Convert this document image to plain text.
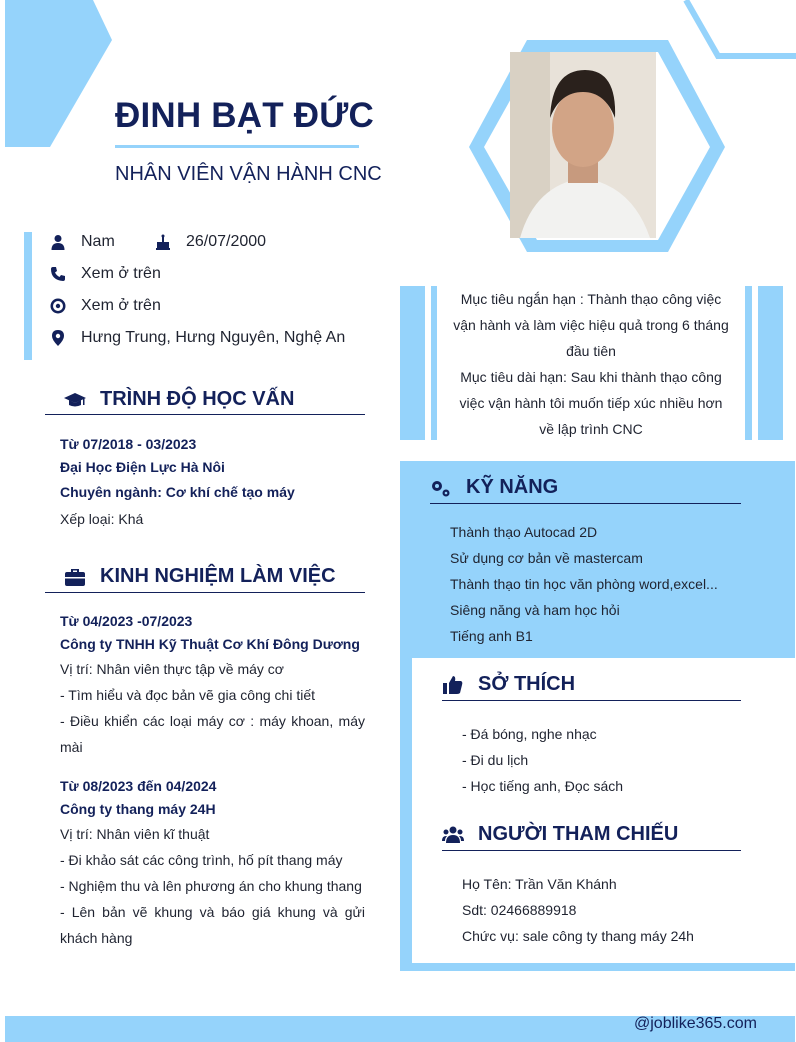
ĐINH BẠT ĐỨC
NHÂN VIÊN VẬN HÀNH CNC
Nam	26/07/2000
Xem ở trên
Xem ở trên
Hưng Trung, Hưng Nguyên, Nghệ An
TRÌNH ĐỘ HỌC VẤN
Từ 07/2018 - 03/2023
Đại Học Điện Lực Hà Nôi
Chuyên ngành: Cơ khí chế tạo máy
Xếp loại: Khá
KINH NGHIỆM LÀM VIỆC
Từ 04/2023 -07/2023
Công ty TNHH Kỹ Thuật Cơ Khí Đông Dương
Vị trí: Nhân viên thực tập về máy cơ
- Tìm hiểu và đọc bản vẽ gia công chi tiết
- Điều khiển các loại máy cơ : máy khoan, máy mài
Từ 08/2023 đến 04/2024
Công ty thang máy 24H
Vị trí: Nhân viên kĩ thuật
- Đi khảo sát các công trình, hố pít thang máy
- Nghiệm thu và lên phương án cho khung thang
- Lên bản vẽ khung và báo giá khung và gửi khách hàng
Mục tiêu ngắn hạn : Thành thạo công việc vận hành và làm việc hiệu quả trong 6 tháng đầu tiên
Mục tiêu dài hạn: Sau khi thành thạo công việc vận hành tôi muốn tiếp xúc nhiều hơn về lập trình CNC
KỸ NĂNG
Thành thạo Autocad 2D
Sử dụng cơ bản về mastercam
Thành thạo tin học văn phòng word,excel...
Siêng năng và ham học hỏi
Tiếng anh B1
SỞ THÍCH
- Đá bóng, nghe nhạc
- Đi du lịch
- Học tiếng anh, Đọc sách
NGƯỜI THAM CHIẾU
Họ Tên: Trần Văn Khánh
Sdt: 02466889918
Chức vụ: sale công ty thang máy 24h
@joblike365.com
